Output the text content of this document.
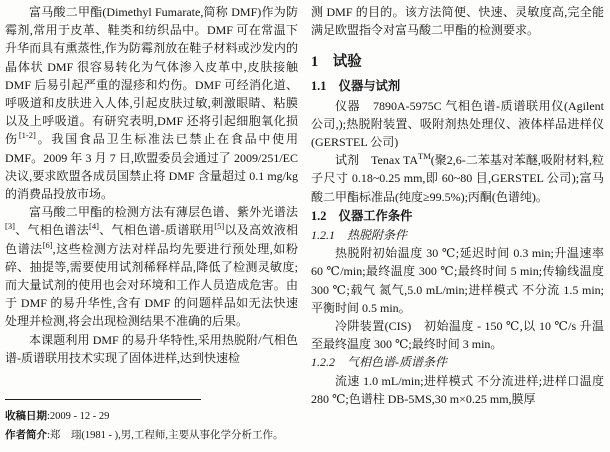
富马酸二甲酯(Dimethyl Fumarate,简称 DMF)作为防霉剂,常用于皮革、鞋类和纺织品中。DMF 可在常温下升华而具有熏蒸性,作为防霉剂放在鞋子材料或沙发内的晶体状 DMF 很容易转化为气体渗入皮革中,皮肤接触 DMF 后易引起严重的湿疹和灼伤。DMF 可经消化道、呼吸道和皮肤进入人体,引起皮肤过敏,刺激眼睛、粘膜以及上呼吸道。有研究表明,DMF 还将引起细胞氧化损伤[1-2]。我国食品卫生标准法已禁止在食品中使用 DMF。2009 年 3 月 7 日,欧盟委员会通过了 2009/251/EC 决议,要求欧盟各成员国禁止将 DMF 含量超过 0.1 mg/kg 的消费品投放市场。

富马酸二甲酯的检测方法有薄层色谱、紫外光谱法[3]、气相色谱法[4]、气相色谱-质谱联用[5]以及高效液相色谱法[6],这些检测方法对样品均先要进行预处理,如粉碎、抽提等,需要使用试剂稀释样品,降低了检测灵敏度;而大量试剂的使用也会对环境和工作人员造成危害。由于 DMF 的易升华性,含有 DMF 的问题样品如无法快速处理并检测,将会出现检测结果不准确的后果。

本课题利用 DMF 的易升华特性,采用热脱附/气相色谱-质谱联用技术实现了固体进样,达到快速检

收稿日期:2009 - 12 - 29
作者简介:郑　珝(1981 - ),男,工程师,主要从事化学分析工作。

测 DMF 的目的。该方法简便、快速、灵敏度高,完全能满足欧盟指令对富马酸二甲酯的检测要求。

1　试验
1.1　仪器与试剂

仪器　7890A-5975C 气相色谱-质谱联用仪(Agilent 公司,);热脱附装置、吸附剂热处理仪、液体样品进样仪(GERSTEL 公司)

试剂　Tenax TA™(聚2,6-二苯基对苯醚,吸附材料,粒子尺寸 0.18~0.25 mm,即 60~80 目,GERSTEL 公司);富马酸二甲酯标准品(纯度≥99.5%);丙酮(色谱纯)。

1.2　仪器工作条件
1.2.1　热脱附条件

热脱附初始温度 30 ℃;延迟时间 0.3 min;升温速率 60 ℃/min;最终温度 300 ℃;最终时间 5 min;传输线温度 300 ℃;载气 氮气,5.0 mL/min;进样模式 不分流 1.5 min;平衡时间 0.5 min。

冷阱装置(CIS)　初始温度 - 150 ℃,以 10 ℃/s 升温至最终温度 300 ℃;最终时间 3 min。

1.2.2　气相色谱-质谱条件

流速 1.0 mL/min;进样模式 不分流进样;进样口温度 280 ℃;色谱柱 DB-5MS,30 m×0.25 mm,膜厚
